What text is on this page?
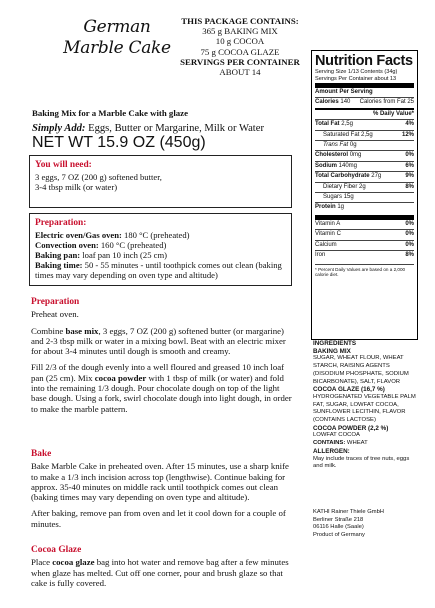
German
Marble Cake
THIS PACKAGE CONTAINS:
365 g BAKING MIX
10 g COCOA
75 g COCOA GLAZE
SERVINGS PER CONTAINER
ABOUT 14
Baking Mix for a Marble Cake with glaze
Simply Add: Eggs, Butter or Margarine, Milk or Water
NET WT 15.9 OZ (450g)
You will need:
3 eggs, 7 OZ (200 g) softened butter,
3-4 tbsp milk (or water)
Preparation:
Electric oven/Gas oven: 180 °C (preheated)
Convection oven: 160 °C (preheated)
Baking pan: loaf pan 10 inch (25 cm)
Baking time: 50 - 55 minutes - until toothpick comes out clean (baking times may vary depending on oven type and altitude)
Preparation

Preheat oven.

Combine base mix, 3 eggs, 7 OZ (200 g) softened butter (or margarine) and 2-3 tbsp milk or water in a mixing bowl. Beat with an electric mixer for about 3-4 minutes until dough is smooth and creamy.

Fill 2/3 of the dough evenly into a well floured and greased 10 inch loaf pan (25 cm). Mix cocoa powder with 1 tbsp of milk (or water) and fold into the remaining 1/3 dough. Pour chocolate dough on top of the light base dough. Using a fork, swirl chocolate dough into light dough, in order to make the marble pattern.

Bake

Bake Marble Cake in preheated oven. After 15 minutes, use a sharp knife to make a 1/3 inch incision across top (lengthwise). Continue baking for approx. 35-40 minutes on middle rack until toothpick comes out clean (baking times may vary depending on oven type and altitude).

After baking, remove pan from oven and let it cool down for a couple of minutes.

Cocoa Glaze

Place cocoa glaze bag into hot water and remove bag after a few minutes when glaze has melted. Cut off one corner, pour and brush glaze so that cake is fully covered.

Nutrition Facts
Serving Size 1/13 Contents (34g)
Servings Per Container about 13
Amount Per Serving
Calories 140 Calories from Fat 25
% Daily Value*
Total Fat 2,5g	4%
Saturated Fat 2,5g	12%
Trans Fat 0g
Cholesterol 0mg	0%
Sodium 140mg	6%
Total Carbohydrate 27g	9%
Dietary Fiber 2g	8%
Sugars 15g
Protein 1g
Vitamin A	0%
Vitamin C	0%
Calcium	0%
Iron	8%
* Percent Daily Values are based on a 2,000 calorie diet.
INGREDIENTS
BAKING MIX
SUGAR, WHEAT FLOUR, WHEAT STARCH, RAISING AGENTS (DISODIUM PHOSPHATE, SODIUM BICARBONATE), SALT, FLAVOR
COCOA GLAZE (16,7 %)
HYDROGENATED VEGETABLE PALM FAT, SUGAR, LOWFAT COCOA, SUNFLOWER LECITHIN, FLAVOR (CONTAINS LACTOSE)
COCOA POWDER (2,2 %)
LOWFAT COCOA
CONTAINS: WHEAT
ALLERGEN:
May include traces of tree nuts, eggs and milk.
KATHI Rainer Thiele GmbH
Berliner Straße 218
06116 Halle (Saale)
Product of Germany
